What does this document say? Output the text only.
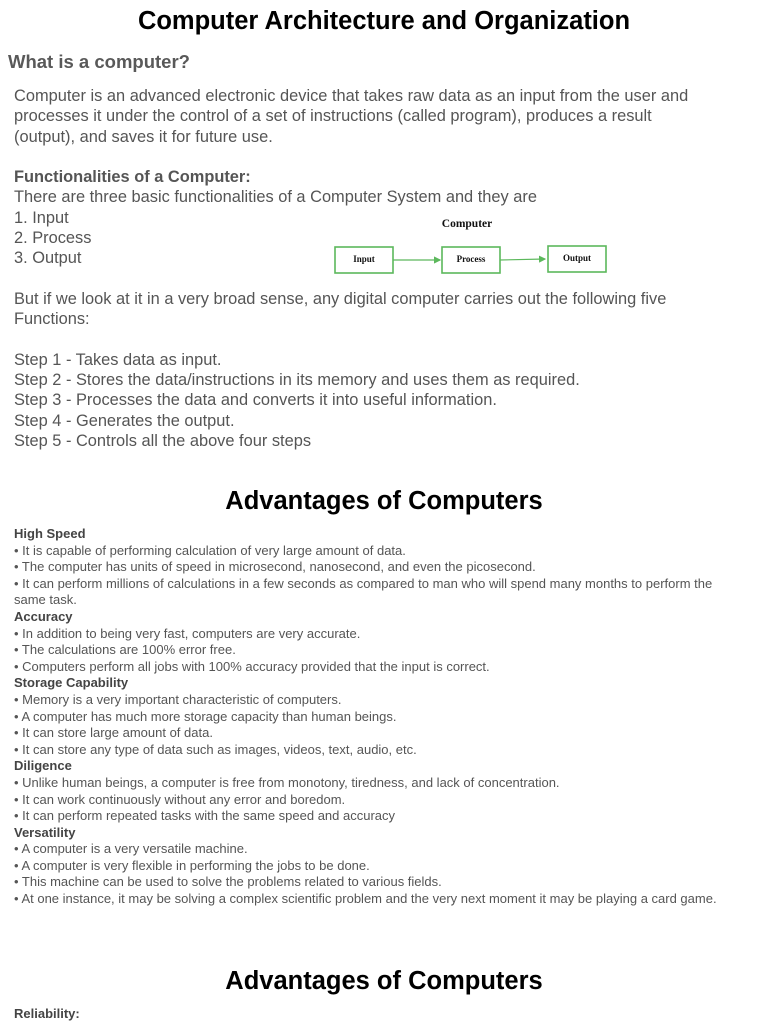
Computer Architecture and Organization
What is a computer?
Computer is an advanced electronic device that takes raw data as an input from the user and
processes it under the control of a set of instructions (called program), produces a result
(output), and saves it for future use.
Functionalities of a Computer:
There are three basic functionalities of a Computer System and they are
1. Input
2. Process
3. Output
But if we look at it in a very broad sense, any digital computer carries out the following five
Functions:
Step 1 - Takes data as input.
Step 2 - Stores the data/instructions in its memory and uses them as required.
Step 3 - Processes the data and converts it into useful information.
Step 4 - Generates the output.
Step 5 - Controls all the above four steps
Computer
Input	Process	Output
Advantages of Computers
High Speed
• It is capable of performing calculation of very large amount of data.
• The computer has units of speed in microsecond, nanosecond, and even the picosecond.
• It can perform millions of calculations in a few seconds as compared to man who will spend many months to perform the same task.
Accuracy
• In addition to being very fast, computers are very accurate.
• The calculations are 100% error free.
• Computers perform all jobs with 100% accuracy provided that the input is correct.
Storage Capability
• Memory is a very important characteristic of computers.
• A computer has much more storage capacity than human beings.
• It can store large amount of data.
• It can store any type of data such as images, videos, text, audio, etc.
Diligence
• Unlike human beings, a computer is free from monotony, tiredness, and lack of concentration.
• It can work continuously without any error and boredom.
• It can perform repeated tasks with the same speed and accuracy
Versatility
• A computer is a very versatile machine.
• A computer is very flexible in performing the jobs to be done.
• This machine can be used to solve the problems related to various fields.
• At one instance, it may be solving a complex scientific problem and the very next moment it may be playing a card game.
Advantages of Computers
Reliability:
